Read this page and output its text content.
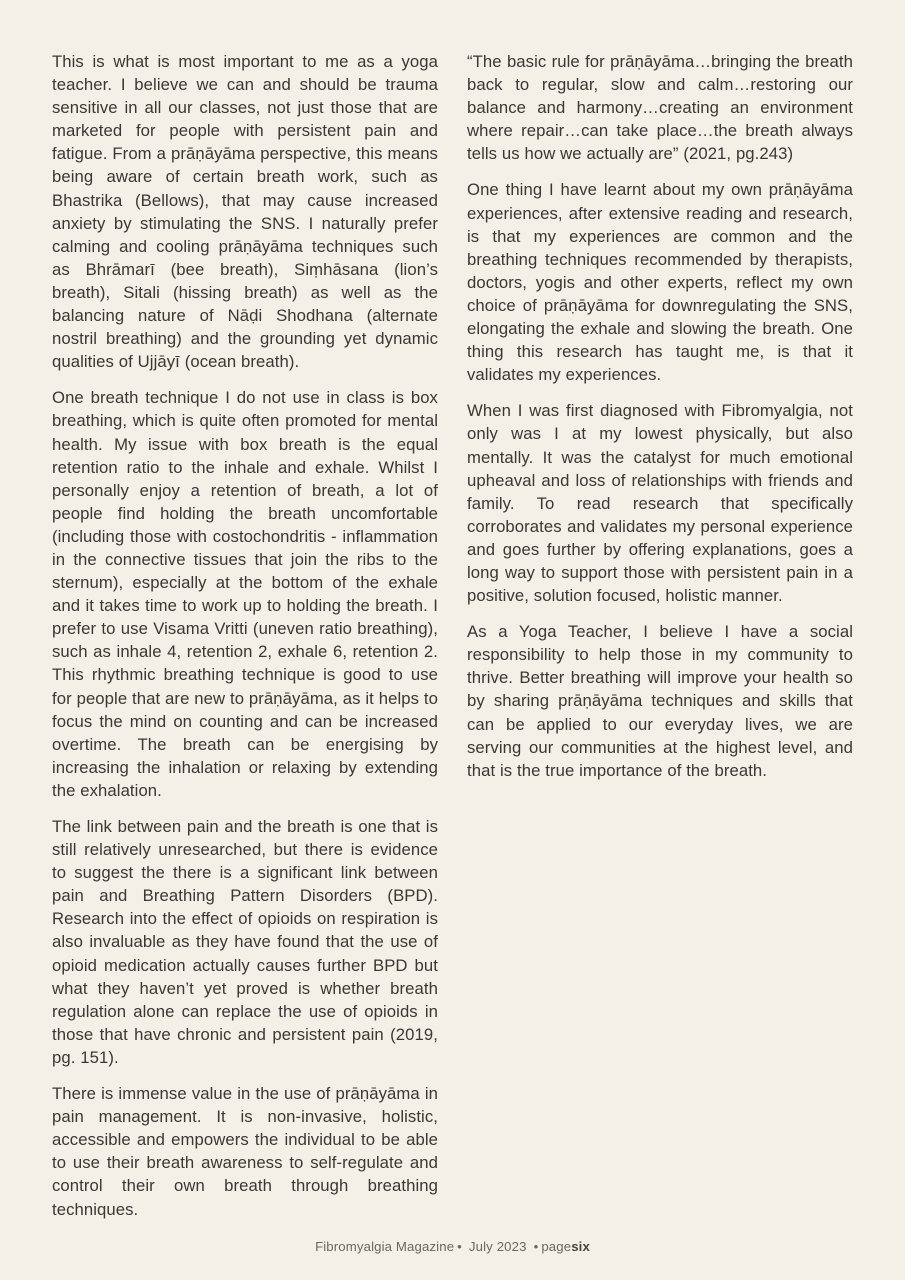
This is what is most important to me as a yoga teacher. I believe we can and should be trauma sensitive in all our classes, not just those that are marketed for people with persistent pain and fatigue. From a prāṇāyāma perspective, this means being aware of certain breath work, such as Bhastrika (Bellows), that may cause increased anxiety by stimulating the SNS. I naturally prefer calming and cooling prāṇāyāma techniques such as Bhrāmarī (bee breath), Siṃhāsana (lion’s breath), Sitali (hissing breath) as well as the balancing nature of Nāḍi Shodhana (alternate nostril breathing) and the grounding yet dynamic qualities of Ujjāyī (ocean breath).

One breath technique I do not use in class is box breathing, which is quite often promoted for mental health. My issue with box breath is the equal retention ratio to the inhale and exhale. Whilst I personally enjoy a retention of breath, a lot of people find holding the breath uncomfortable (including those with costochondritis - inflammation in the connective tissues that join the ribs to the sternum), especially at the bottom of the exhale and it takes time to work up to holding the breath. I prefer to use Visama Vritti (uneven ratio breathing), such as inhale 4, retention 2, exhale 6, retention 2. This rhythmic breathing technique is good to use for people that are new to prāṇāyāma, as it helps to focus the mind on counting and can be increased overtime. The breath can be energising by increasing the inhalation or relaxing by extending the exhalation.

The link between pain and the breath is one that is still relatively unresearched, but there is evidence to suggest the there is a significant link between pain and Breathing Pattern Disorders (BPD). Research into the effect of opioids on respiration is also invaluable as they have found that the use of opioid medication actually causes further BPD but what they haven’t yet proved is whether breath regulation alone can replace the use of opioids in those that have chronic and persistent pain (2019, pg. 151).

There is immense value in the use of prāṇāyāma in pain management. It is non-invasive, holistic, accessible and empowers the individual to be able to use their breath awareness to self-regulate and control their own breath through breathing techniques.

“The basic rule for prāṇāyāma…bringing the breath back to regular, slow and calm…restoring our balance and harmony…creating an environment where repair…can take place…the breath always tells us how we actually are” (2021, pg.243)

One thing I have learnt about my own prāṇāyāma experiences, after extensive reading and research, is that my experiences are common and the breathing techniques recommended by therapists, doctors, yogis and other experts, reflect my own choice of prāṇāyāma for downregulating the SNS, elongating the exhale and slowing the breath. One thing this research has taught me, is that it validates my experiences.

When I was first diagnosed with Fibromyalgia, not only was I at my lowest physically, but also mentally. It was the catalyst for much emotional upheaval and loss of relationships with friends and family. To read research that specifically corroborates and validates my personal experience and goes further by offering explanations, goes a long way to support those with persistent pain in a positive, solution focused, holistic manner.

As a Yoga Teacher, I believe I have a social responsibility to help those in my community to thrive. Better breathing will improve your health so by sharing prāṇāyāma techniques and skills that can be applied to our everyday lives, we are serving our communities at the highest level, and that is the true importance of the breath.

Fibromyalgia Magazine • July 2023 • pagesix
